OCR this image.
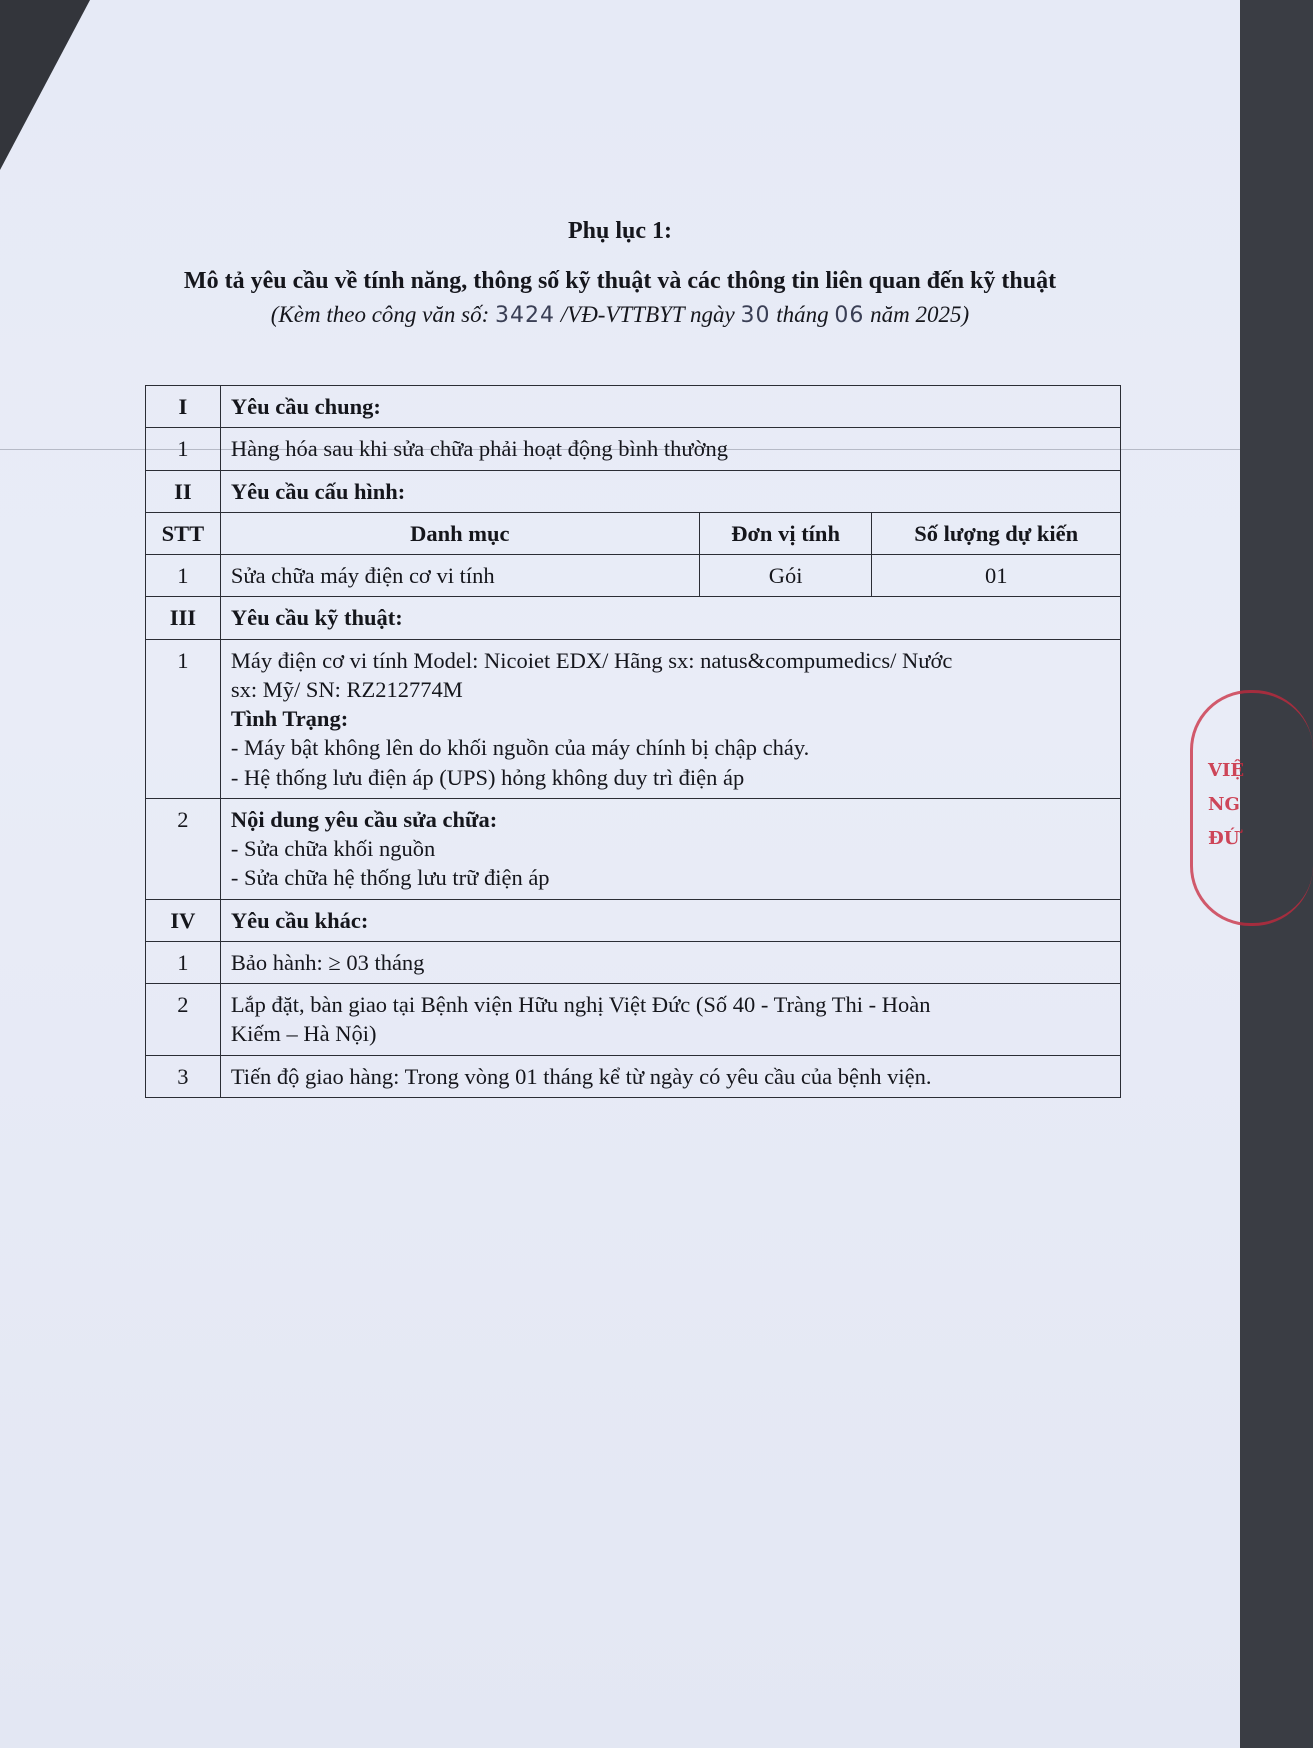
Phụ lục 1:
Mô tả yêu cầu về tính năng, thông số kỹ thuật và các thông tin liên quan đến kỹ thuật
(Kèm theo công văn số: 3424 /VĐ-VTTBYT ngày 30 tháng 06 năm 2025)
I	Yêu cầu chung:		
1	Hàng hóa sau khi sửa chữa phải hoạt động bình thường		
II	Yêu cầu cấu hình:		
STT	Danh mục	Đơn vị tính	Số lượng dự kiến
1	Sửa chữa máy điện cơ vi tính	Gói	01
III	Yêu cầu kỹ thuật:		
1	Máy điện cơ vi tính Model: Nicoiet EDX/ Hãng sx: natus&compumedics/ Nước
sx: Mỹ/ SN: RZ212774M
Tình Trạng:
- Máy bật không lên do khối nguồn của máy chính bị chập cháy.
- Hệ thống lưu điện áp (UPS) hỏng không duy trì điện áp		

2	Nội dung yêu cầu sửa chữa:
- Sửa chữa khối nguồn
- Sửa chữa hệ thống lưu trữ điện áp		

IV	Yêu cầu khác:		
1	Bảo hành: ≥ 03 tháng		
2	Lắp đặt, bàn giao tại Bệnh viện Hữu nghị Việt Đức (Số 40 - Tràng Thi - Hoàn
Kiếm – Hà Nội)		

3	Tiến độ giao hàng: Trong vòng 01 tháng kể từ ngày có yêu cầu của bệnh viện.		
VIỆ
NG
ĐỨ
